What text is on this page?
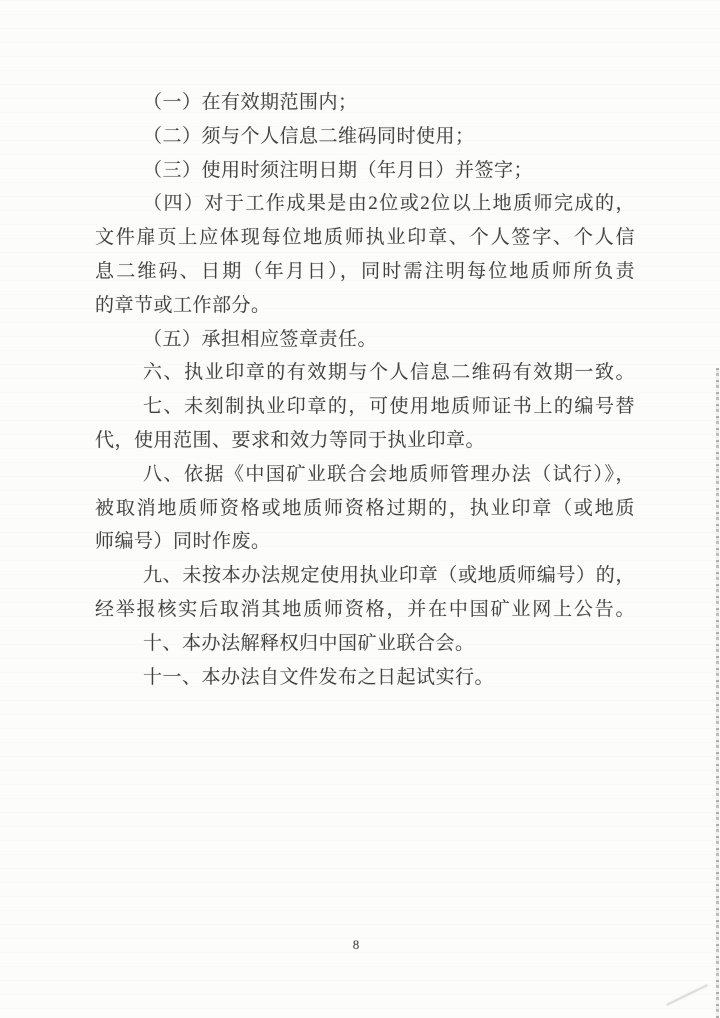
（一）在有效期范围内；
（二）须与个人信息二维码同时使用；
（三）使用时须注明日期（年月日）并签字；
（四）对于工作成果是由2位或2位以上地质师完成的，
文件扉页上应体现每位地质师执业印章、个人签字、个人信
息二维码、日期（年月日），同时需注明每位地质师所负责
的章节或工作部分。
（五）承担相应签章责任。
六、执业印章的有效期与个人信息二维码有效期一致。
七、未刻制执业印章的，可使用地质师证书上的编号替
代，使用范围、要求和效力等同于执业印章。
八、依据《中国矿业联合会地质师管理办法（试行）》，
被取消地质师资格或地质师资格过期的，执业印章（或地质
师编号）同时作废。
九、未按本办法规定使用执业印章（或地质师编号）的，
经举报核实后取消其地质师资格，并在中国矿业网上公告。
十、本办法解释权归中国矿业联合会。
十一、本办法自文件发布之日起试实行。
8
